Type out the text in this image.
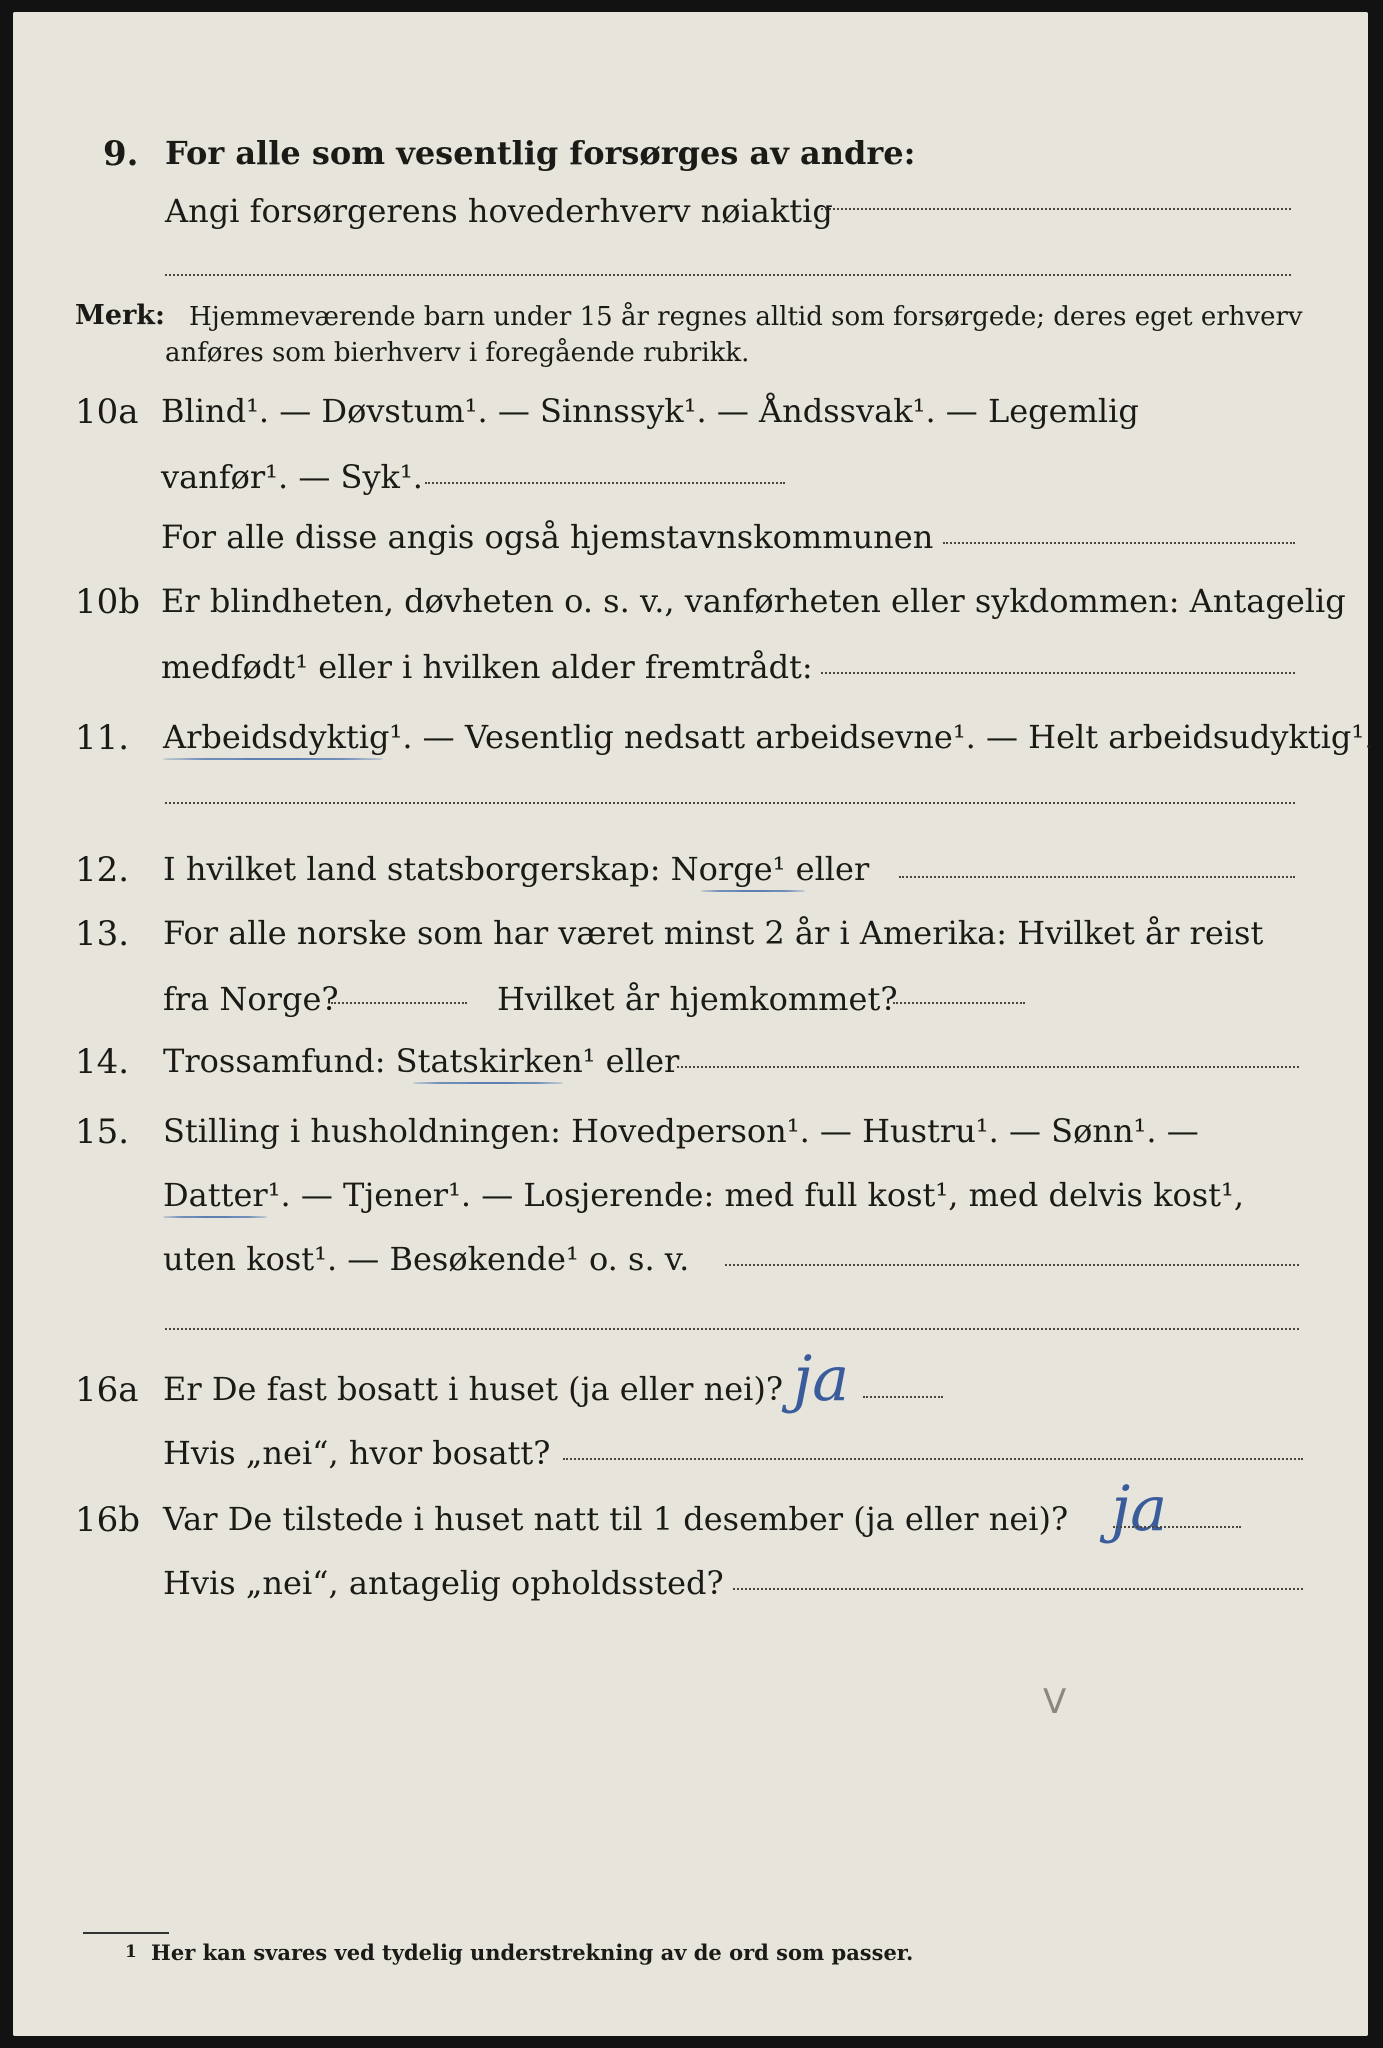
9. For alle som vesentlig forsørges av andre:
Angi forsørgerens hovederhverv nøiaktig
Merk: Hjemmeværende barn under 15 år regnes alltid som forsørgede; deres eget erhverv
anføres som bierhverv i foregående rubrikk.
10a Blind¹. — Døvstum¹. — Sinnssyk¹. — Åndssvak¹. — Legemlig
vanfør¹. — Syk¹.
For alle disse angis også hjemstavnskommunen
10b Er blindheten, døvheten o. s. v., vanførheten eller sykdommen: Antagelig
medfødt¹ eller i hvilken alder fremtrådt:
11. Arbeidsdyktig¹. — Vesentlig nedsatt arbeidsevne¹. — Helt arbeidsudyktig¹.
12. I hvilket land statsborgerskap: Norge¹ eller
13. For alle norske som har været minst 2 år i Amerika: Hvilket år reist
fra Norge?	Hvilket år hjemkommet?
14. Trossamfund: Statskirken¹ eller
15. Stilling i husholdningen: Hovedperson¹. — Hustru¹. — Sønn¹. —
Datter¹. — Tjener¹. — Losjerende: med full kost¹, med delvis kost¹,
uten kost¹. — Besøkende¹ o. s. v.
16a Er De fast bosatt i huset (ja eller nei)? ja
Hvis „nei“, hvor bosatt?
16b Var De tilstede i huset natt til 1 desember (ja eller nei)? ja
Hvis „nei“, antagelig opholdssted?
V
1 Her kan svares ved tydelig understrekning av de ord som passer.
